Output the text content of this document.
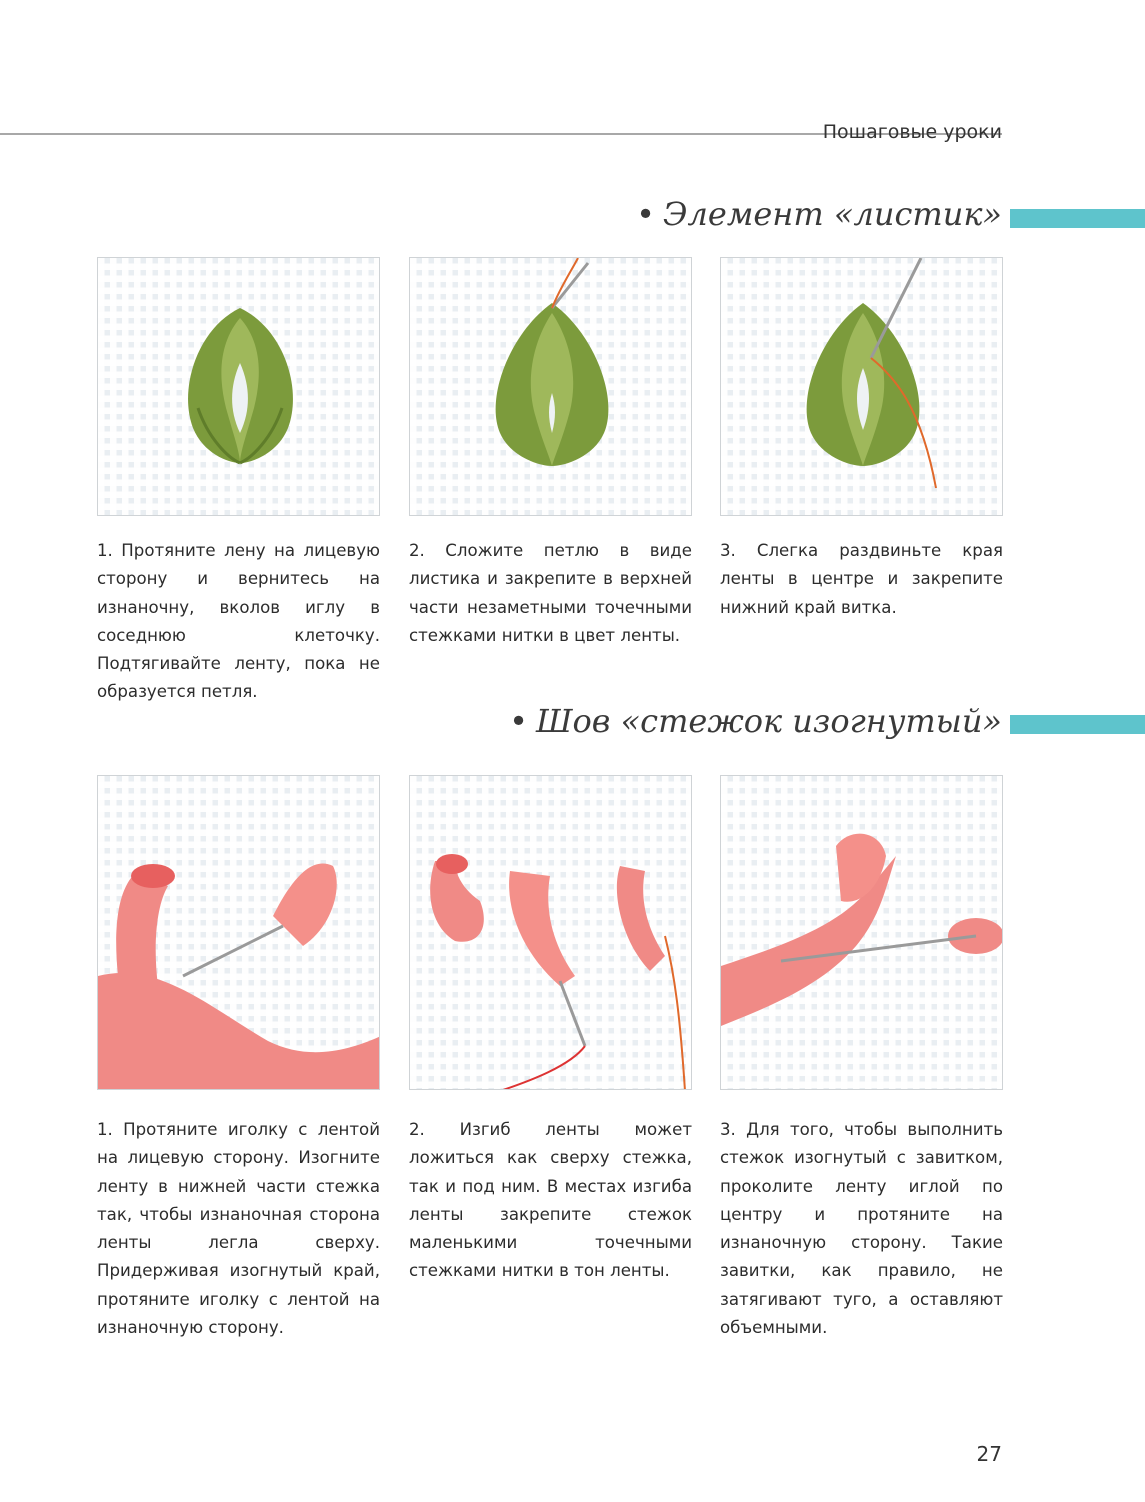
Пошаговые уроки
• Элемент «листик»
1. Протяните лену на лицевую сторону и вернитесь на изнаночну, вколов иглу в соседнюю клеточку. Подтягивайте ленту, пока не образуется петля.
2. Сложите петлю в виде листика и закрепите в верхней части незаметными точечными стежками нитки в цвет ленты.
3. Слегка раздвиньте края ленты в центре и закрепите нижний край витка.
• Шов «стежок изогнутый»
1. Протяните иголку с лентой на лицевую сторону. Изогните ленту в нижней части стежка так, чтобы изнаночная сторона ленты легла сверху. Придерживая изогнутый край, протяните иголку с лентой на изнаночную сторону.
2. Изгиб ленты может ложиться как сверху стежка, так и под ним. В местах изгиба ленты закрепите стежок маленькими точечными стежками нитки в тон ленты.
3. Для того, чтобы выполнить стежок изогнутый с завитком, проколите ленту иглой по центру и протяните на изнаночную сторону. Такие завитки, как правило, не затягивают туго, а оставляют объемными.
27
